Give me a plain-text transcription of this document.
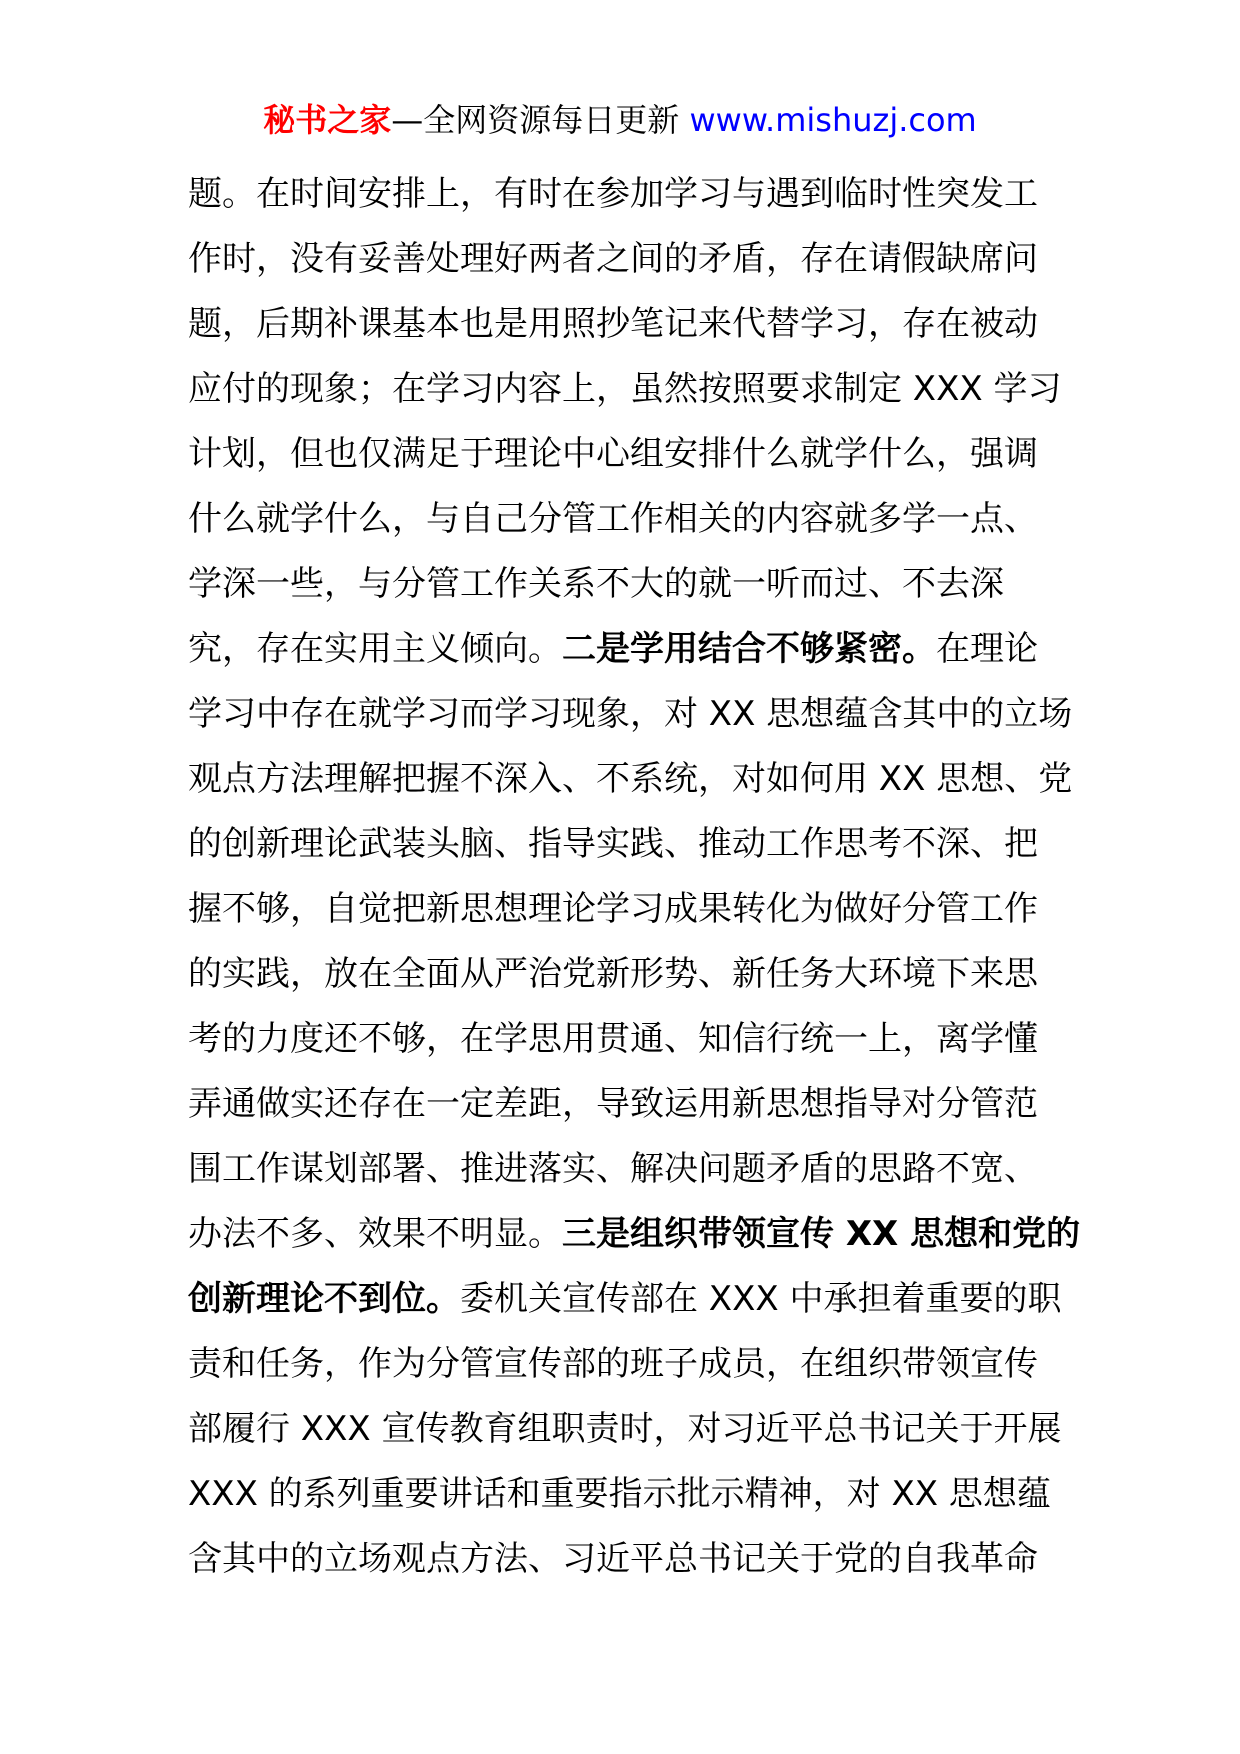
秘书之家—全网资源每日更新 www.mishuzj.com
题。在时间安排上，有时在参加学习与遇到临时性突发工
作时，没有妥善处理好两者之间的矛盾，存在请假缺席问
题，后期补课基本也是用照抄笔记来代替学习，存在被动
应付的现象；在学习内容上，虽然按照要求制定 XXX 学习
计划，但也仅满足于理论中心组安排什么就学什么，强调
什么就学什么，与自己分管工作相关的内容就多学一点、
学深一些，与分管工作关系不大的就一听而过、不去深
究，存在实用主义倾向。二是学用结合不够紧密。在理论
学习中存在就学习而学习现象，对 XX 思想蕴含其中的立场
观点方法理解把握不深入、不系统，对如何用 XX 思想、党
的创新理论武装头脑、指导实践、推动工作思考不深、把
握不够，自觉把新思想理论学习成果转化为做好分管工作
的实践，放在全面从严治党新形势、新任务大环境下来思
考的力度还不够，在学思用贯通、知信行统一上，离学懂
弄通做实还存在一定差距，导致运用新思想指导对分管范
围工作谋划部署、推进落实、解决问题矛盾的思路不宽、
办法不多、效果不明显。三是组织带领宣传 XX 思想和党的
创新理论不到位。委机关宣传部在 XXX 中承担着重要的职
责和任务，作为分管宣传部的班子成员，在组织带领宣传
部履行 XXX 宣传教育组职责时，对习近平总书记关于开展
XXX 的系列重要讲话和重要指示批示精神，对 XX 思想蕴
含其中的立场观点方法、习近平总书记关于党的自我革命
